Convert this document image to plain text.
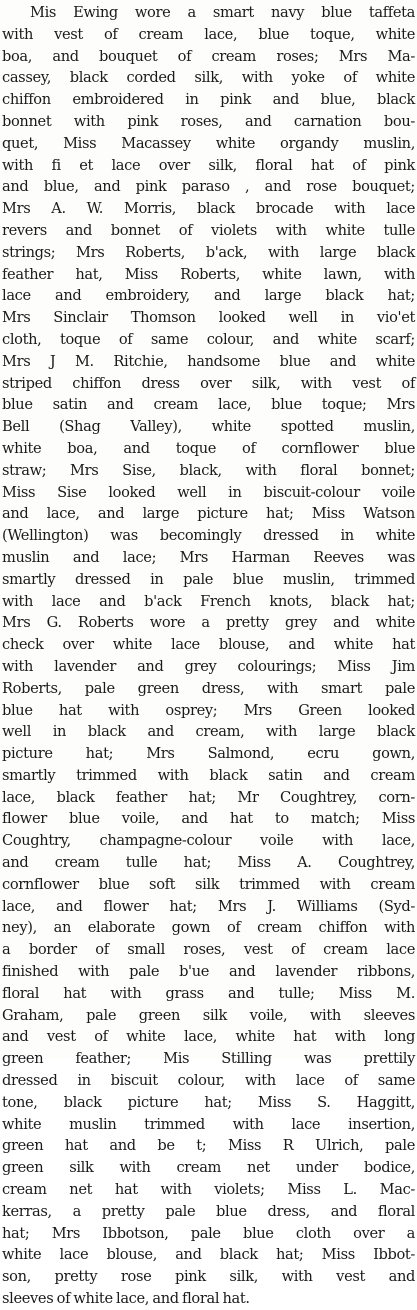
Mis Ewing wore a smart navy blue taffeta
with vest of cream lace, blue toque, white
boa, and bouquet of cream roses; Mrs Ma-
cassey, black corded silk, with yoke of white
chiffon embroidered in pink and blue, black
bonnet with pink roses, and carnation bou-
quet, Miss Macassey white organdy muslin,
with fi et lace over silk, floral hat of pink
and blue, and pink paraso , and rose bouquet;
Mrs A. W. Morris, black brocade with lace
revers and bonnet of violets with white tulle
strings; Mrs Roberts, b'ack, with large black
feather hat, Miss Roberts, white lawn, with
lace and embroidery, and large black hat;
Mrs Sinclair Thomson looked well in vio'et
cloth, toque of same colour, and white scarf;
Mrs J M. Ritchie, handsome blue and white
striped chiffon dress over silk, with vest of
blue satin and cream lace, blue toque; Mrs
Bell (Shag Valley), white spotted muslin,
white boa, and toque of cornflower blue
straw; Mrs Sise, black, with floral bonnet;
Miss Sise looked well in biscuit-colour voile
and lace, and large picture hat; Miss Watson
(Wellington) was becomingly dressed in white
muslin and lace; Mrs Harman Reeves was
smartly dressed in pale blue muslin, trimmed
with lace and b'ack French knots, black hat;
Mrs G. Roberts wore a pretty grey and white
check over white lace blouse, and white hat
with lavender and grey colourings; Miss Jim
Roberts, pale green dress, with smart pale
blue hat with osprey; Mrs Green looked
well in black and cream, with large black
picture hat; Mrs Salmond, ecru gown,
smartly trimmed with black satin and cream
lace, black feather hat; Mr Coughtrey, corn-
flower blue voile, and hat to match; Miss
Coughtry, champagne-colour voile with lace,
and cream tulle hat; Miss A. Coughtrey,
cornflower blue soft silk trimmed with cream
lace, and flower hat; Mrs J. Williams (Syd-
ney), an elaborate gown of cream chiffon with
a border of small roses, vest of cream lace
finished with pale b'ue and lavender ribbons,
floral hat with grass and tulle; Miss M.
Graham, pale green silk voile, with sleeves
and vest of white lace, white hat with long
green feather; Mis Stilling was prettily
dressed in biscuit colour, with lace of same
tone, black picture hat; Miss S. Haggitt,
white muslin trimmed with lace insertion,
green hat and be t; Miss R Ulrich, pale
green silk with cream net under bodice,
cream net hat with violets; Miss L. Mac-
kerras, a pretty pale blue dress, and floral
hat; Mrs Ibbotson, pale blue cloth over a
white lace blouse, and black hat; Miss Ibbot-
son, pretty rose pink silk, with vest and
sleeves of white lace, and floral hat.
